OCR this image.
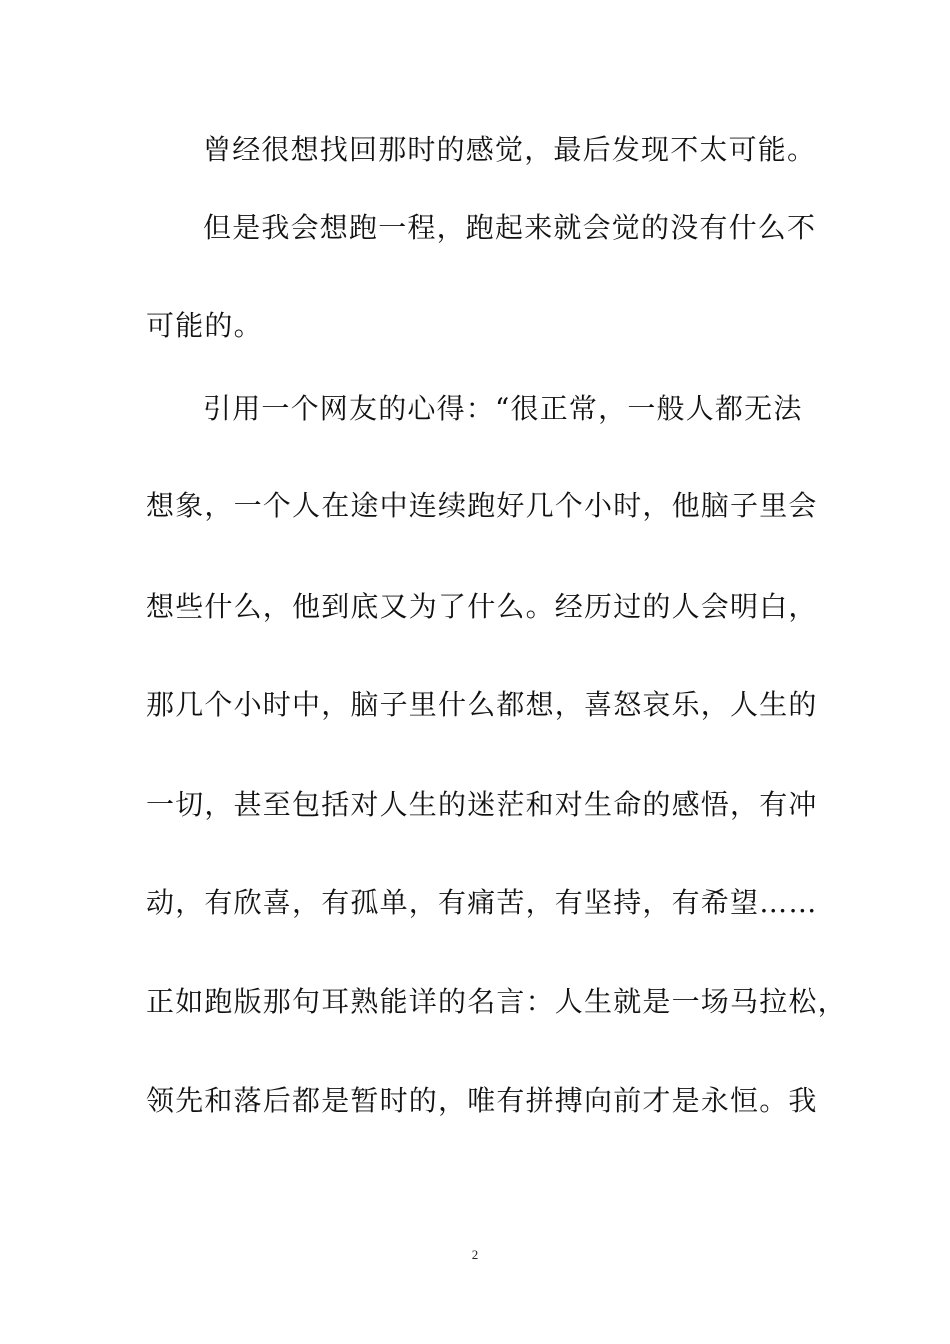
曾经很想找回那时的感觉，最后发现不太可能。
但是我会想跑一程，跑起来就会觉的没有什么不
可能的。
引用一个网友的心得：“很正常，一般人都无法
想象，一个人在途中连续跑好几个小时，他脑子里会
想些什么，他到底又为了什么。经历过的人会明白，
那几个小时中，脑子里什么都想，喜怒哀乐，人生的
一切，甚至包括对人生的迷茫和对生命的感悟，有冲
动，有欣喜，有孤单，有痛苦，有坚持，有希望……
正如跑版那句耳熟能详的名言：人生就是一场马拉松，
领先和落后都是暂时的，唯有拼搏向前才是永恒。我
2
